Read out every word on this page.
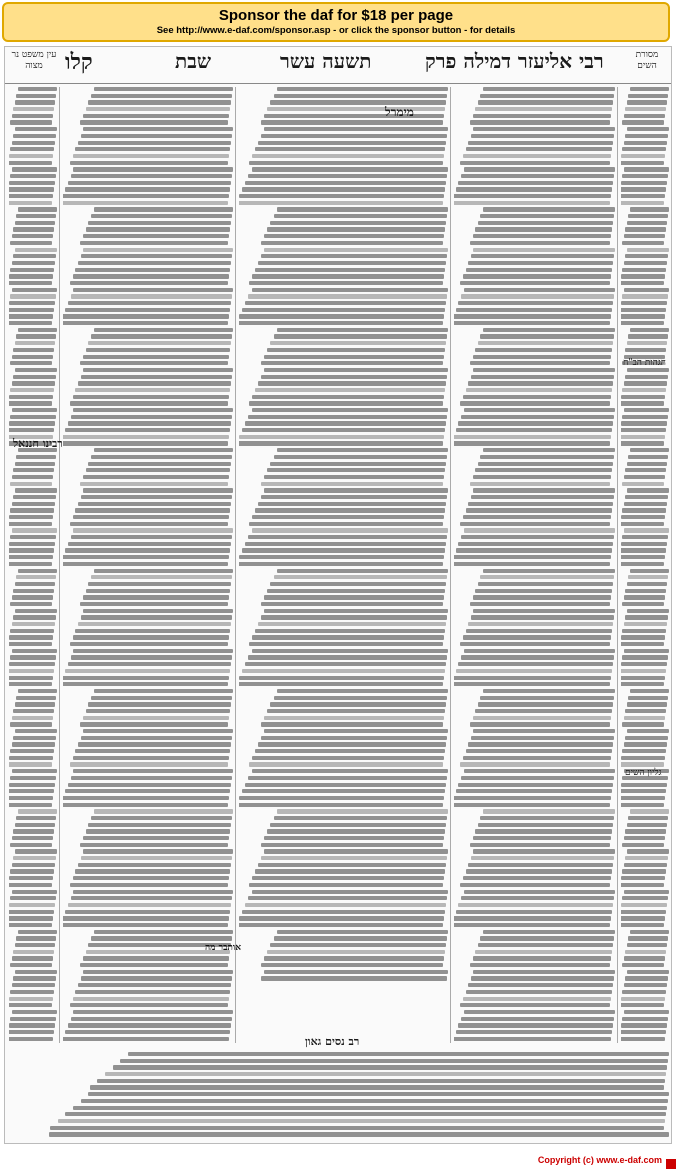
Sponsor the daf for $18 per page
See http://www.e-daf.com/sponsor.asp - or click the sponsor button - for details
קלו	שבת	תשעה עשר	רבי אליעזר דמילה פרק	מסורת השים
עין משפט נר מצוה
מימרל
רבינו חננאל
הגהות הב"ח
גליון השים
רב נסים גאון
אותבר מה
Copyright (c) www.e-daf.com
